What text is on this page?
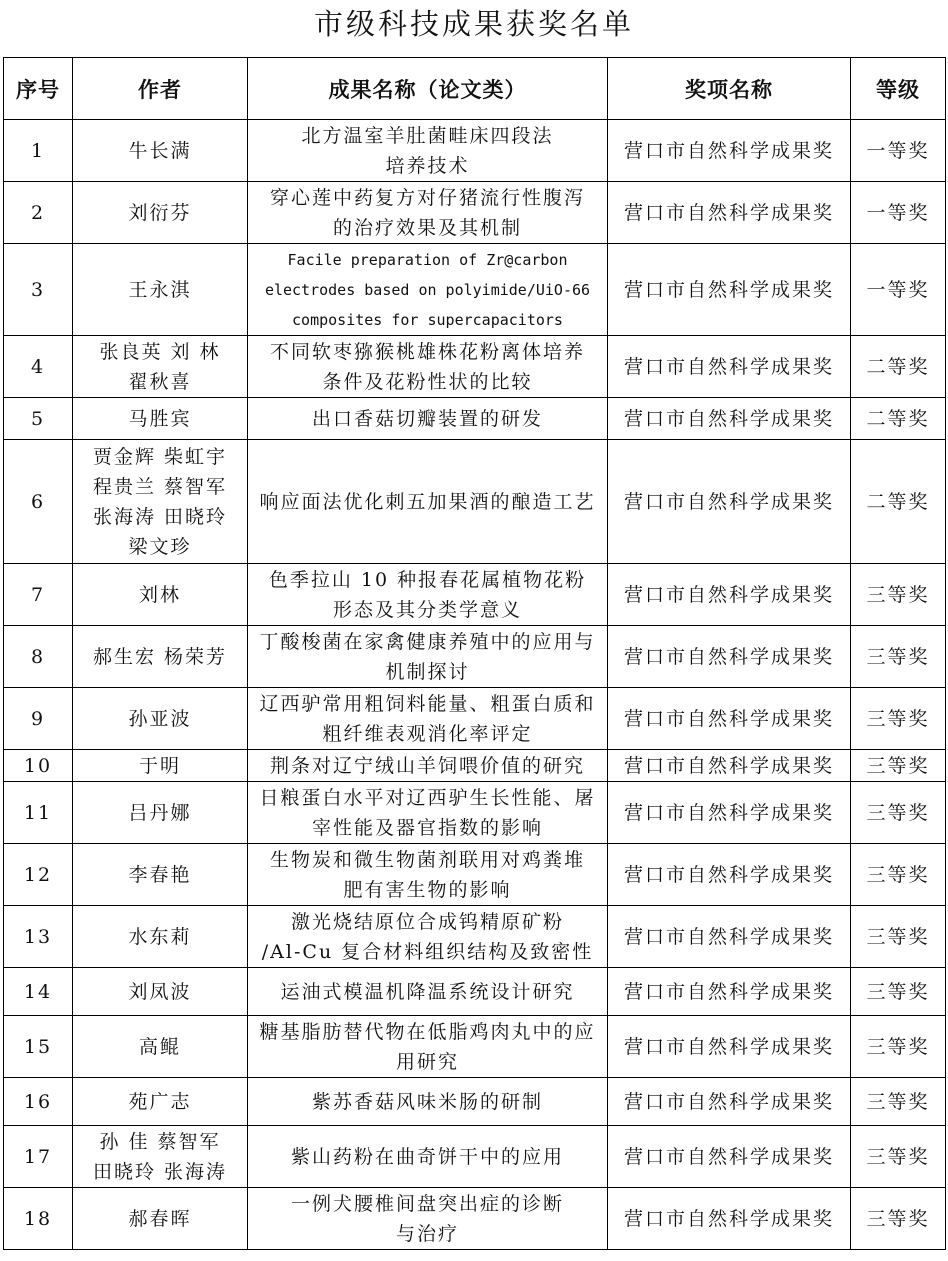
市级科技成果获奖名单
序号	作者	成果名称（论文类）	奖项名称	等级
1	牛长满	北方温室羊肚菌畦床四段法
培养技术	营口市自然科学成果奖	一等奖
2	刘衍芬	穿心莲中药复方对仔猪流行性腹泻
的治疗效果及其机制	营口市自然科学成果奖	一等奖
3	王永淇	Facile preparation of Zr@carbon
electrodes based on polyimide/UiO-66
composites for supercapacitors	营口市自然科学成果奖	一等奖
4	张良英 刘 林
翟秋喜	不同软枣猕猴桃雄株花粉离体培养
条件及花粉性状的比较	营口市自然科学成果奖	二等奖
5	马胜宾	出口香菇切瓣装置的研发	营口市自然科学成果奖	二等奖
6	贾金辉 柴虹宇
程贵兰 蔡智军
张海涛 田晓玲
梁文珍	响应面法优化刺五加果酒的酿造工艺	营口市自然科学成果奖	二等奖
7	刘林	色季拉山 10 种报春花属植物花粉
形态及其分类学意义	营口市自然科学成果奖	三等奖
8	郝生宏 杨荣芳	丁酸梭菌在家禽健康养殖中的应用与
机制探讨	营口市自然科学成果奖	三等奖
9	孙亚波	辽西驴常用粗饲料能量、粗蛋白质和
粗纤维表观消化率评定	营口市自然科学成果奖	三等奖
10	于明	荆条对辽宁绒山羊饲喂价值的研究	营口市自然科学成果奖	三等奖
11	吕丹娜	日粮蛋白水平对辽西驴生长性能、屠
宰性能及器官指数的影响	营口市自然科学成果奖	三等奖
12	李春艳	生物炭和微生物菌剂联用对鸡粪堆
肥有害生物的影响	营口市自然科学成果奖	三等奖
13	水东莉	激光烧结原位合成钨精原矿粉
/Al-Cu 复合材料组织结构及致密性	营口市自然科学成果奖	三等奖
14	刘凤波	运油式模温机降温系统设计研究	营口市自然科学成果奖	三等奖
15	高鲲	糖基脂肪替代物在低脂鸡肉丸中的应
用研究	营口市自然科学成果奖	三等奖
16	苑广志	紫苏香菇风味米肠的研制	营口市自然科学成果奖	三等奖
17	孙 佳 蔡智军
田晓玲 张海涛	紫山药粉在曲奇饼干中的应用	营口市自然科学成果奖	三等奖
18	郝春晖	一例犬腰椎间盘突出症的诊断
与治疗	营口市自然科学成果奖	三等奖
